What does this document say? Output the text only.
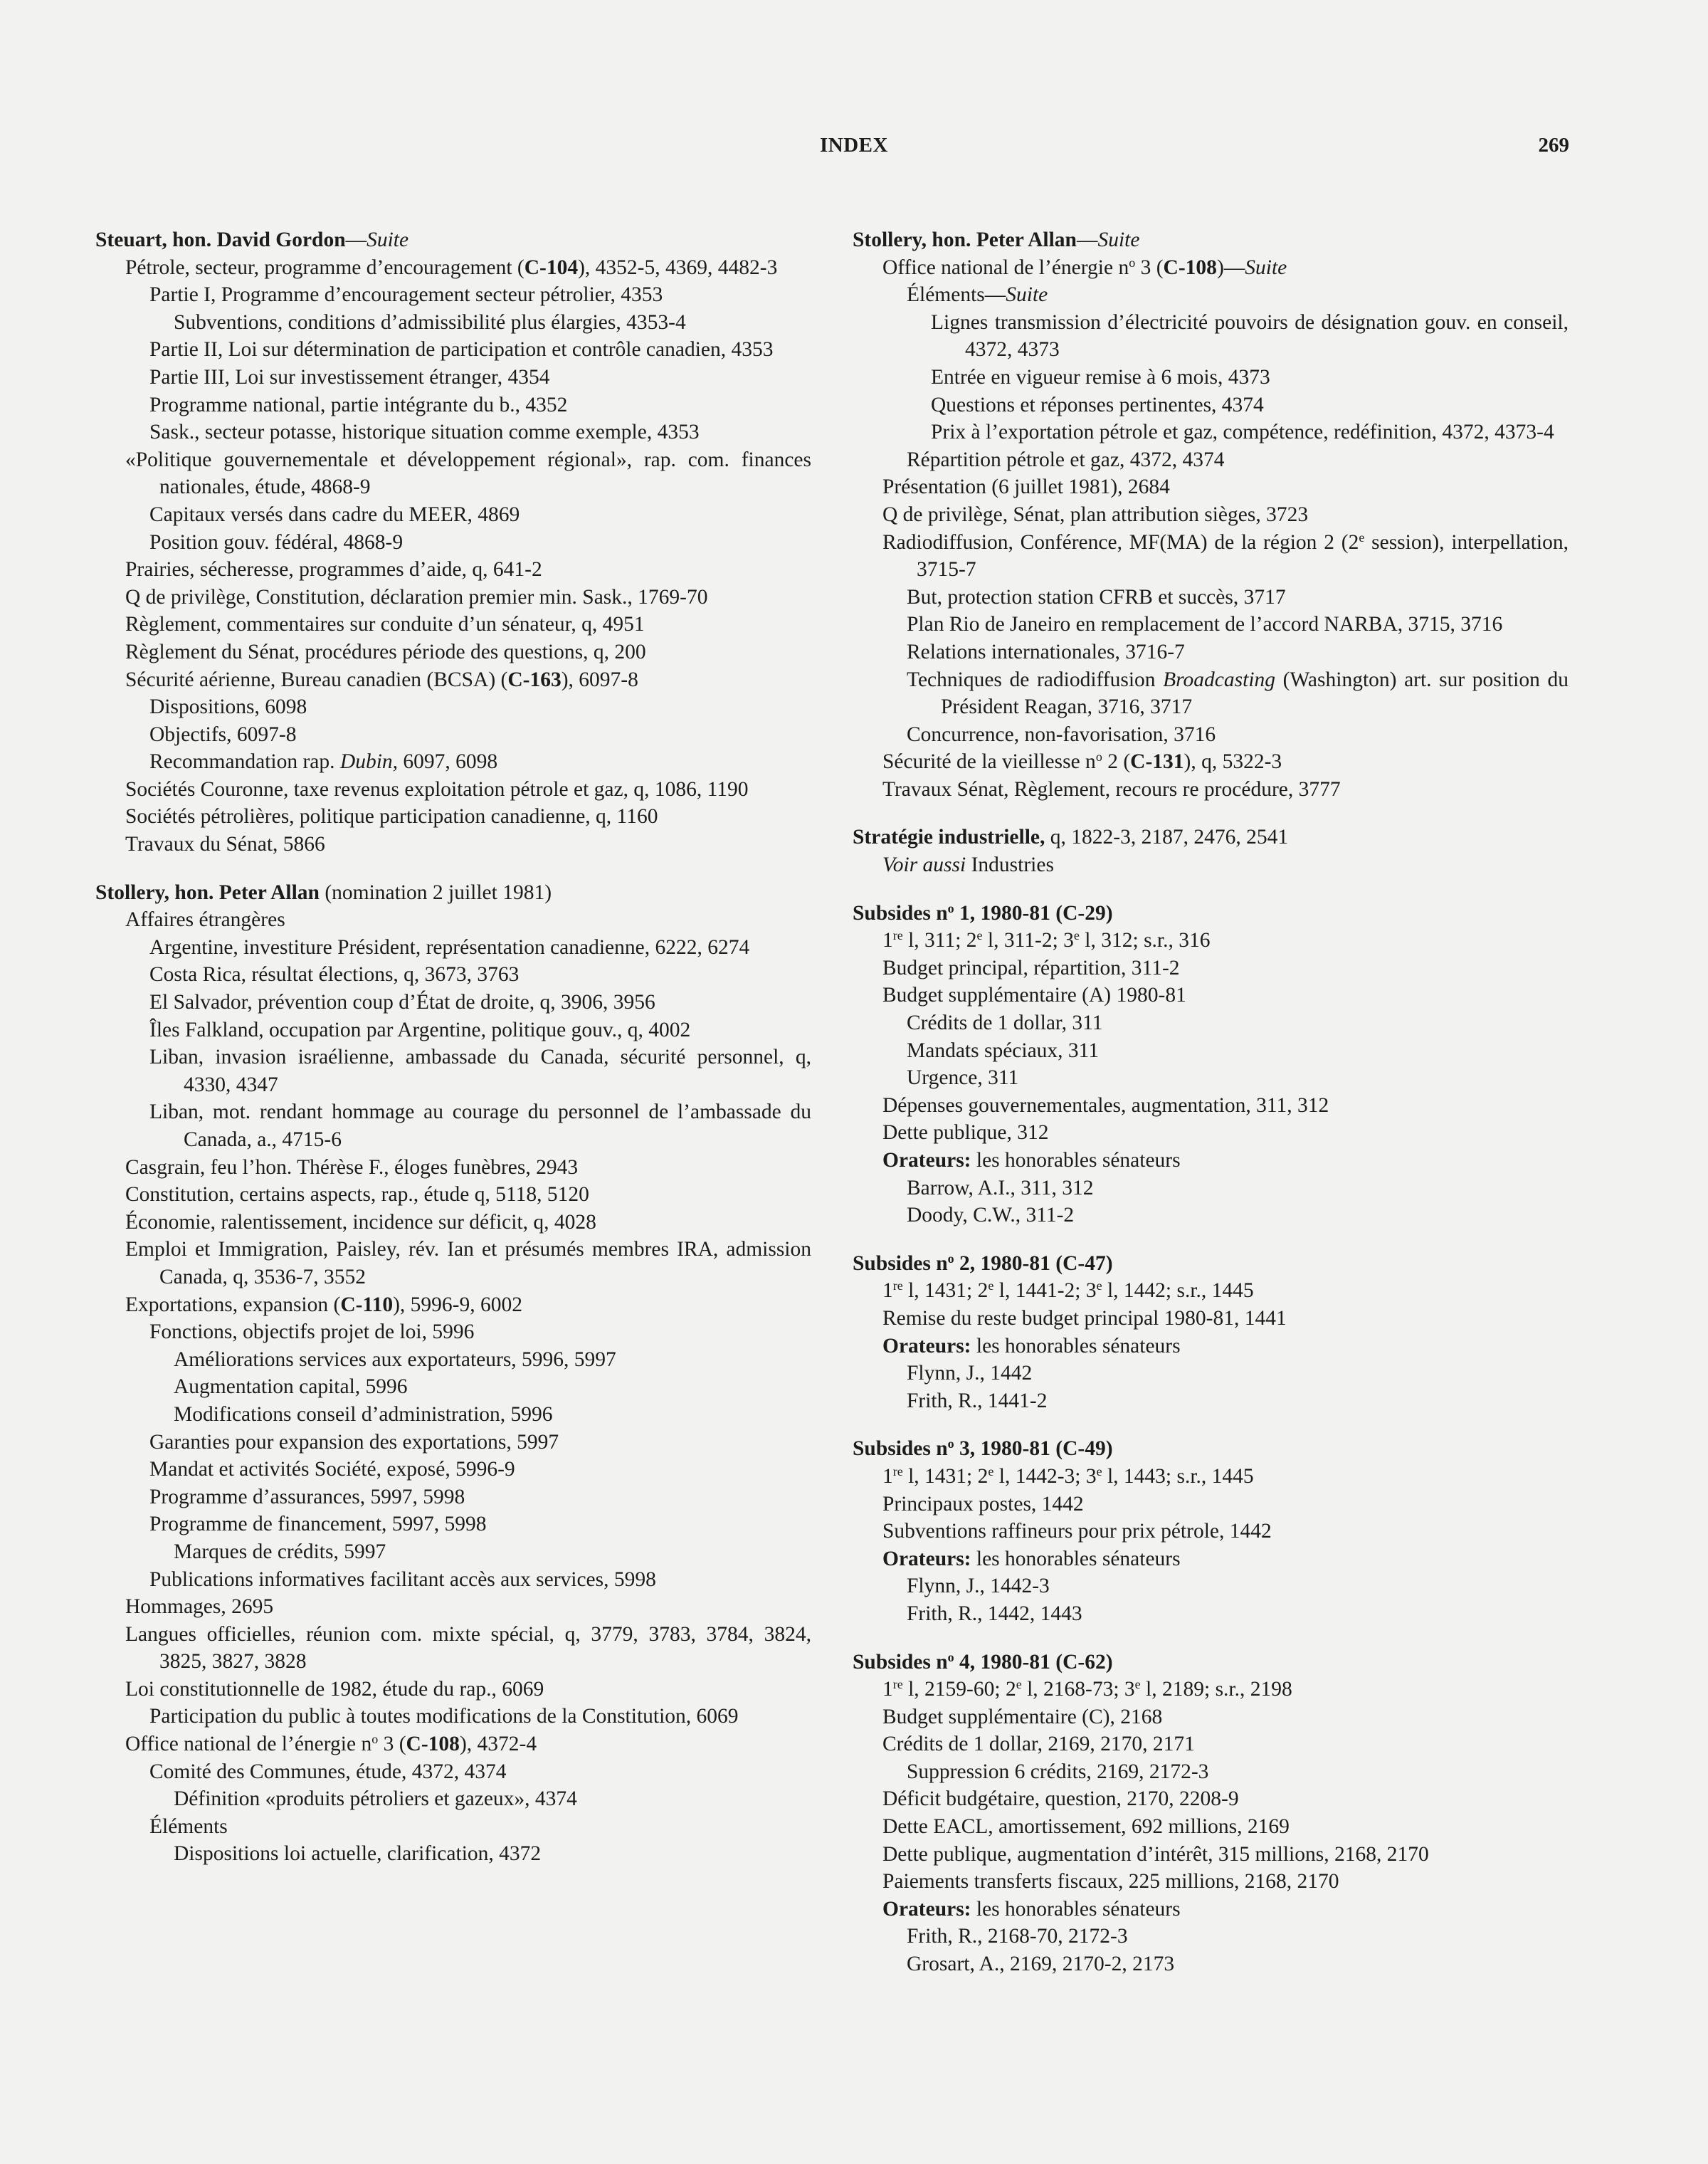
INDEX	269
Steuart, hon. David Gordon—Suite
Pétrole, secteur, programme d’encouragement (C-104), 4352-5, 4369, 4482-3
Partie I, Programme d’encouragement secteur pétrolier, 4353
Subventions, conditions d’admissibilité plus élargies, 4353-4
Partie II, Loi sur détermination de participation et contrôle canadien, 4353
Partie III, Loi sur investissement étranger, 4354
Programme national, partie intégrante du b., 4352
Sask., secteur potasse, historique situation comme exemple, 4353
«Politique gouvernementale et développement régional», rap. com. finances nationales, étude, 4868-9
Capitaux versés dans cadre du MEER, 4869
Position gouv. fédéral, 4868-9
Prairies, sécheresse, programmes d’aide, q, 641-2
Q de privilège, Constitution, déclaration premier min. Sask., 1769-70
Règlement, commentaires sur conduite d’un sénateur, q, 4951
Règlement du Sénat, procédures période des questions, q, 200
Sécurité aérienne, Bureau canadien (BCSA) (C-163), 6097-8
Dispositions, 6098
Objectifs, 6097-8
Recommandation rap. Dubin, 6097, 6098
Sociétés Couronne, taxe revenus exploitation pétrole et gaz, q, 1086, 1190
Sociétés pétrolières, politique participation canadienne, q, 1160
Travaux du Sénat, 5866
Stollery, hon. Peter Allan (nomination 2 juillet 1981)
Affaires étrangères
Argentine, investiture Président, représentation canadienne, 6222, 6274
Costa Rica, résultat élections, q, 3673, 3763
El Salvador, prévention coup d’État de droite, q, 3906, 3956
Îles Falkland, occupation par Argentine, politique gouv., q, 4002
Liban, invasion israélienne, ambassade du Canada, sécurité personnel, q, 4330, 4347
Liban, mot. rendant hommage au courage du personnel de l’ambassade du Canada, a., 4715-6
Casgrain, feu l’hon. Thérèse F., éloges funèbres, 2943
Constitution, certains aspects, rap., étude q, 5118, 5120
Économie, ralentissement, incidence sur déficit, q, 4028
Emploi et Immigration, Paisley, rév. Ian et présumés membres IRA, admission Canada, q, 3536-7, 3552
Exportations, expansion (C-110), 5996-9, 6002
Fonctions, objectifs projet de loi, 5996
Améliorations services aux exportateurs, 5996, 5997
Augmentation capital, 5996
Modifications conseil d’administration, 5996
Garanties pour expansion des exportations, 5997
Mandat et activités Société, exposé, 5996-9
Programme d’assurances, 5997, 5998
Programme de financement, 5997, 5998
Marques de crédits, 5997
Publications informatives facilitant accès aux services, 5998
Hommages, 2695
Langues officielles, réunion com. mixte spécial, q, 3779, 3783, 3784, 3824, 3825, 3827, 3828
Loi constitutionnelle de 1982, étude du rap., 6069
Participation du public à toutes modifications de la Constitution, 6069
Office national de l’énergie $n^o$ 3 (C-108), 4372-4
Comité des Communes, étude, 4372, 4374
Définition «produits pétroliers et gazeux», 4374
Éléments
Dispositions loi actuelle, clarification, 4372
Stollery, hon. Peter Allan—Suite
Office national de l’énergie $n^o$ 3 (C-108)—Suite
Éléments—Suite
Lignes transmission d’électricité pouvoirs de désignation gouv. en conseil, 4372, 4373
Entrée en vigueur remise à 6 mois, 4373
Questions et réponses pertinentes, 4374
Prix à l’exportation pétrole et gaz, compétence, redéfinition, 4372, 4373-4
Répartition pétrole et gaz, 4372, 4374
Présentation (6 juillet 1981), 2684
Q de privilège, Sénat, plan attribution sièges, 3723
Radiodiffusion, Conférence, MF(MA) de la région 2 (2e session), interpellation, 3715-7
But, protection station CFRB et succès, 3717
Plan Rio de Janeiro en remplacement de l’accord NARBA, 3715, 3716
Relations internationales, 3716-7
Techniques de radiodiffusion Broadcasting (Washington) art. sur position du Président Reagan, 3716, 3717
Concurrence, non-favorisation, 3716
Sécurité de la vieillesse $n^o$ 2 (C-131), q, 5322-3
Travaux Sénat, Règlement, recours re procédure, 3777
Stratégie industrielle, q, 1822-3, 2187, 2476, 2541
Voir aussi Industries
Subsides $n^o$ 1, 1980-81 (C-29)
1re l, 311; 2e l, 311-2; 3e l, 312; s.r., 316
Budget principal, répartition, 311-2
Budget supplémentaire (A) 1980-81
Crédits de 1 dollar, 311
Mandats spéciaux, 311
Urgence, 311
Dépenses gouvernementales, augmentation, 311, 312
Dette publique, 312
Orateurs: les honorables sénateurs
Barrow, A.I., 311, 312
Doody, C.W., 311-2
Subsides $n^o$ 2, 1980-81 (C-47)
1re l, 1431; 2e l, 1441-2; 3e l, 1442; s.r., 1445
Remise du reste budget principal 1980-81, 1441
Orateurs: les honorables sénateurs
Flynn, J., 1442
Frith, R., 1441-2
Subsides $n^o$ 3, 1980-81 (C-49)
1re l, 1431; 2e l, 1442-3; 3e l, 1443; s.r., 1445
Principaux postes, 1442
Subventions raffineurs pour prix pétrole, 1442
Orateurs: les honorables sénateurs
Flynn, J., 1442-3
Frith, R., 1442, 1443
Subsides $n^o$ 4, 1980-81 (C-62)
1re l, 2159-60; 2e l, 2168-73; 3e l, 2189; s.r., 2198
Budget supplémentaire (C), 2168
Crédits de 1 dollar, 2169, 2170, 2171
Suppression 6 crédits, 2169, 2172-3
Déficit budgétaire, question, 2170, 2208-9
Dette EACL, amortissement, 692 millions, 2169
Dette publique, augmentation d’intérêt, 315 millions, 2168, 2170
Paiements transferts fiscaux, 225 millions, 2168, 2170
Orateurs: les honorables sénateurs
Frith, R., 2168-70, 2172-3
Grosart, A., 2169, 2170-2, 2173
